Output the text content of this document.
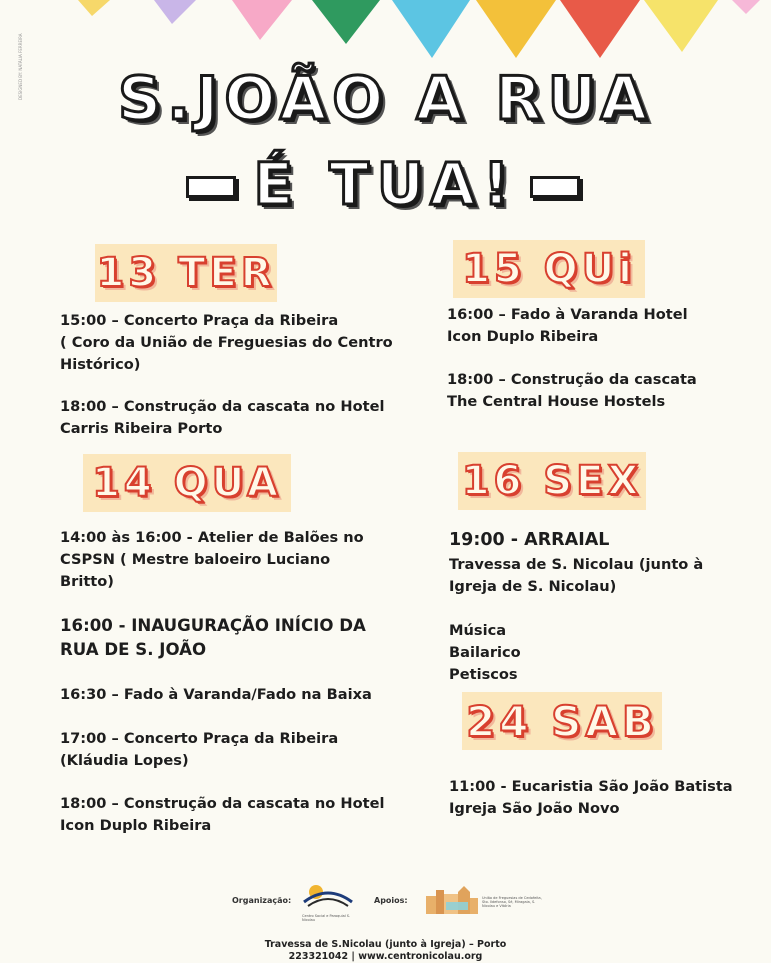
DESIGNED BY: NATÁLIA FERREIRA	S.JOÃO A RUA
É TUA!
13 TER
15:00 – Concerto Praça da Ribeira
( Coro da União de Freguesias do Centro
Histórico)
18:00 – Construção da cascata no Hotel
Carris Ribeira Porto
14 QUA
14:00 às 16:00 - Atelier de Balões no
CSPSN ( Mestre baloeiro Luciano
Britto)
16:00 - INAUGURAÇÃO INÍCIO DA
RUA DE S. JOÃO
16:30 – Fado à Varanda/Fado na Baixa
17:00 – Concerto Praça da Ribeira
(Kláudia Lopes)
18:00 – Construção da cascata no Hotel
Icon Duplo Ribeira
15 QUi
16:00 – Fado à Varanda Hotel
Icon Duplo Ribeira
18:00 – Construção da cascata
The Central House Hostels
16 SEX
19:00 - ARRAIAL
Travessa de S. Nicolau (junto à
Igreja de S. Nicolau)
Música
Bailarico
Petiscos
24 SAB
11:00 - Eucaristia São João Batista
Igreja São João Novo
Organização:
Centro Social e Paroquial S. Nicolau
Apoios:	União de Freguesias de Cedofeita, Sto. Ildefonso, Sé, Miragaia, S. Nicolau e Vitória
Travessa de S.Nicolau (junto à Igreja) – Porto
223321042 | www.centronicolau.org
